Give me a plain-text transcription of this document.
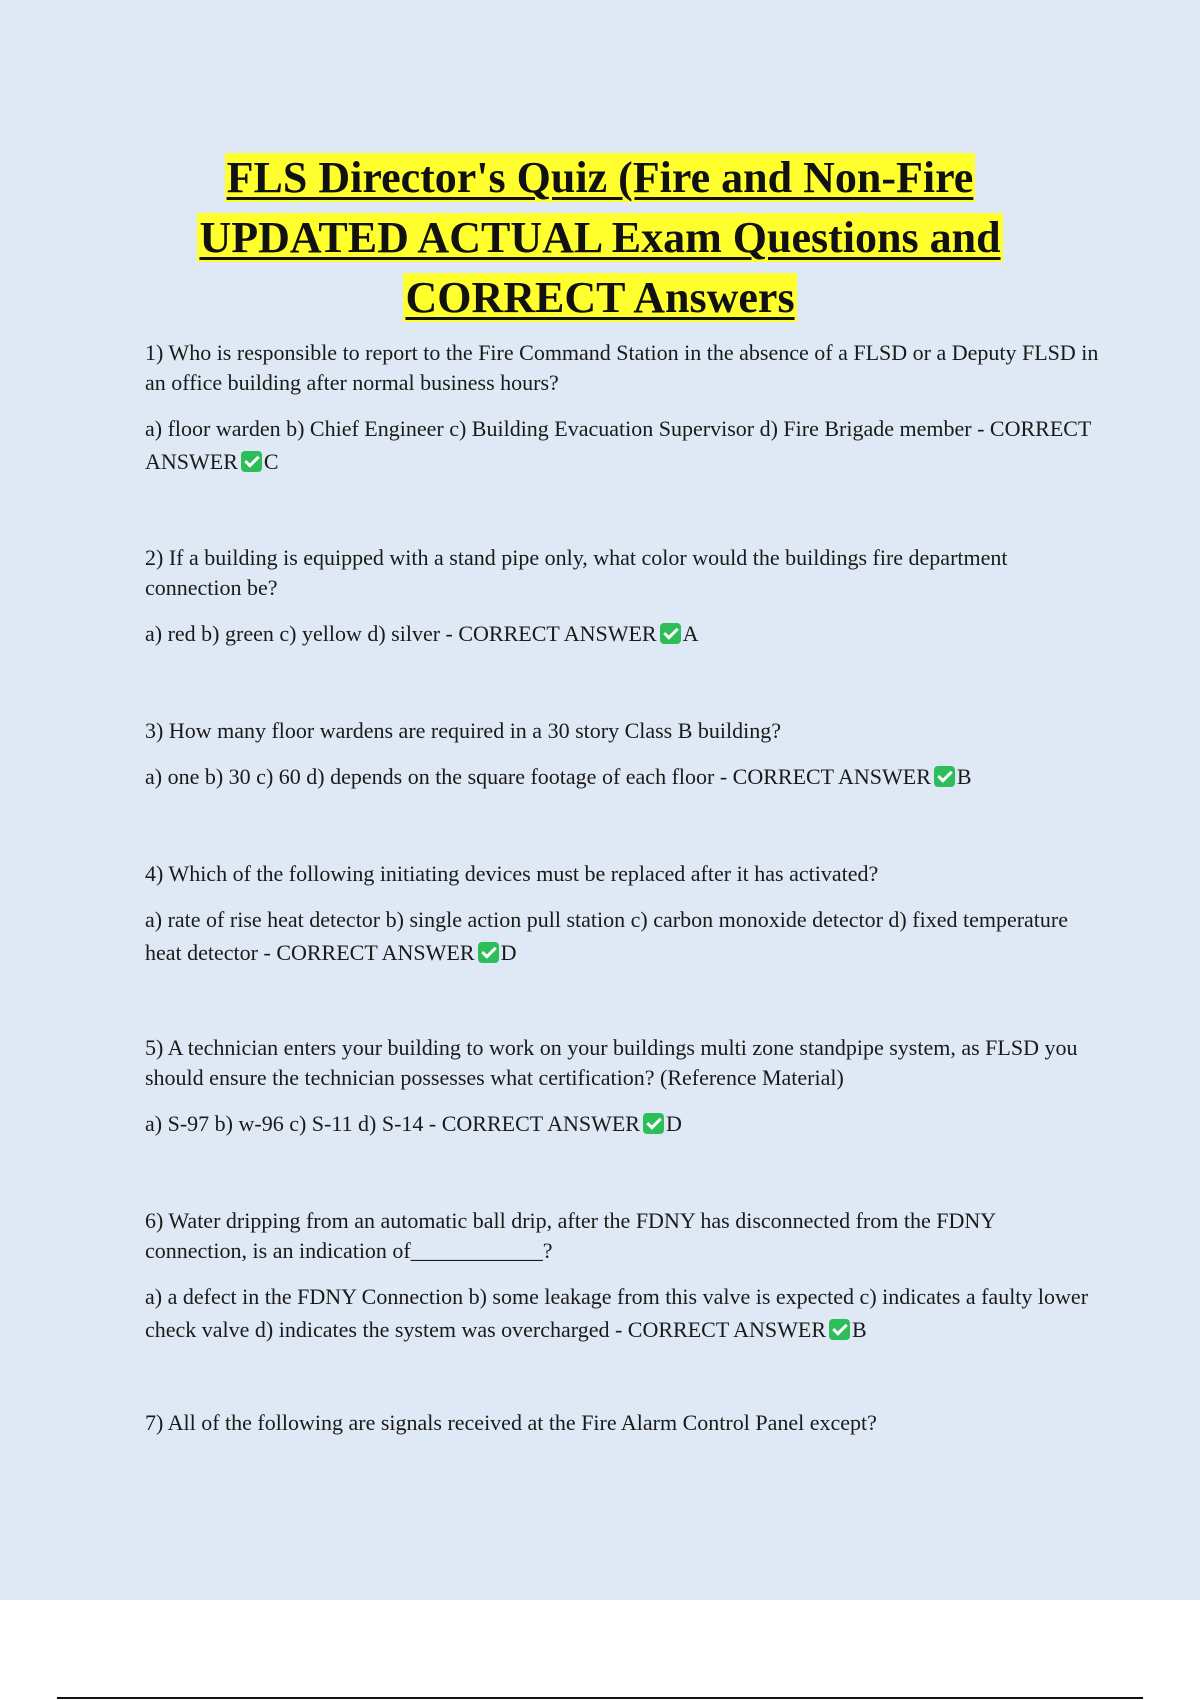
FLS Director's Quiz (Fire and Non-Fire
UPDATED ACTUAL Exam Questions and
CORRECT Answers

1) Who is responsible to report to the Fire Command Station in the absence of a FLSD or a Deputy FLSD in an office building after normal business hours?

a) floor warden b) Chief Engineer c) Building Evacuation Supervisor d) Fire Brigade member - CORRECT ANSWER C

2) If a building is equipped with a stand pipe only, what color would the buildings fire department connection be?

a) red b) green c) yellow d) silver - CORRECT ANSWER A

3) How many floor wardens are required in a 30 story Class B building?

a) one b) 30 c) 60 d) depends on the square footage of each floor - CORRECT ANSWER B

4) Which of the following initiating devices must be replaced after it has activated?

a) rate of rise heat detector b) single action pull station c) carbon monoxide detector d) fixed temperature heat detector - CORRECT ANSWER D

5) A technician enters your building to work on your buildings multi zone standpipe system, as FLSD you should ensure the technician possesses what certification? (Reference Material)

a) S-97 b) w-96 c) S-11 d) S-14 - CORRECT ANSWER D

6) Water dripping from an automatic ball drip, after the FDNY has disconnected from the FDNY connection, is an indication of____________?

a) a defect in the FDNY Connection b) some leakage from this valve is expected c) indicates a faulty lower check valve d) indicates the system was overcharged - CORRECT ANSWER B

7) All of the following are signals received at the Fire Alarm Control Panel except?
